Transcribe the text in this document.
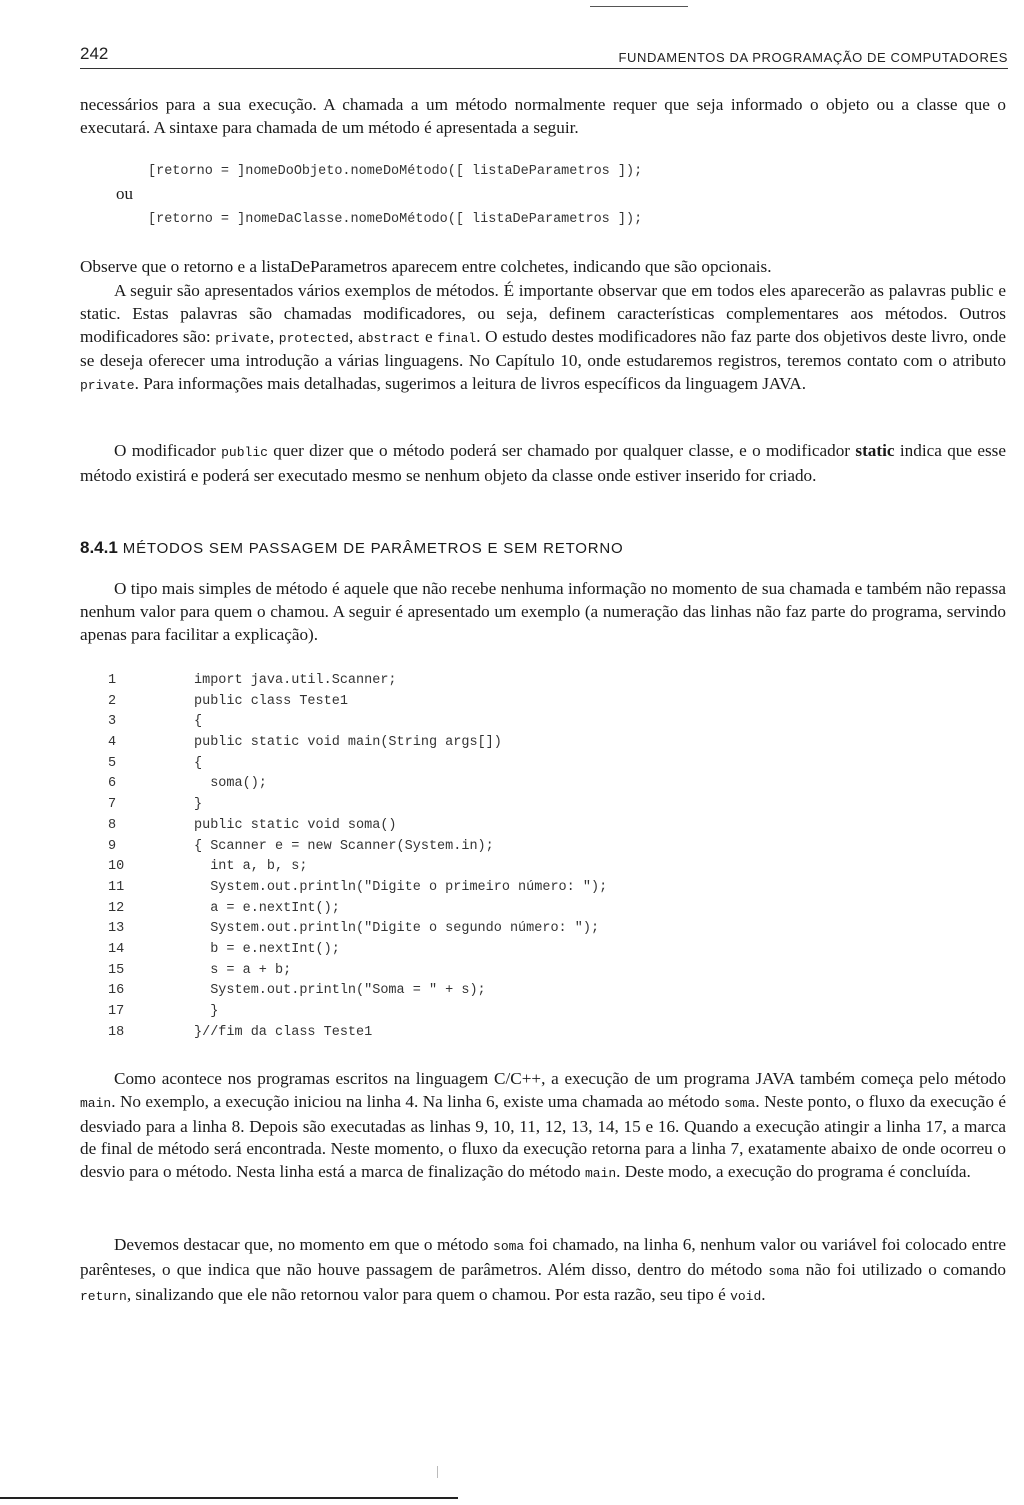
242	FUNDAMENTOS DA PROGRAMAÇÃO DE COMPUTADORES

necessários para a sua execução. A chamada a um método normalmente requer que seja informado o objeto ou a classe que o executará. A sintaxe para chamada de um método é apresentada a seguir.

[retorno = ]nomeDoObjeto.nomeDoMétodo([ listaDeParametros ]);
ou
[retorno = ]nomeDaClasse.nomeDoMétodo([ listaDeParametros ]);

Observe que o retorno e a listaDeParametros aparecem entre colchetes, indicando que são opcionais.

A seguir são apresentados vários exemplos de métodos. É importante observar que em todos eles aparecerão as palavras public e static. Estas palavras são chamadas modificadores, ou seja, definem características complementares aos métodos. Outros modificadores são: private, protected, abstract e final. O estudo destes modificadores não faz parte dos objetivos deste livro, onde se deseja oferecer uma introdução a várias linguagens. No Capítulo 10, onde estudaremos registros, teremos contato com o atributo private. Para informações mais detalhadas, sugerimos a leitura de livros específicos da linguagem JAVA.

O modificador public quer dizer que o método poderá ser chamado por qualquer classe, e o modificador static indica que esse método existirá e poderá ser executado mesmo se nenhum objeto da classe onde estiver inserido for criado.

8.4.1 MÉTODOS SEM PASSAGEM DE PARÂMETROS E SEM RETORNO

O tipo mais simples de método é aquele que não recebe nenhuma informação no momento de sua chamada e também não repassa nenhum valor para quem o chamou. A seguir é apresentado um exemplo (a numeração das linhas não faz parte do programa, servindo apenas para facilitar a explicação).

1	import java.util.Scanner;
2	public class Teste1
3	{
4	public static void main(String args[])
5	{
6	soma();
7	}
8	public static void soma()
9	{ Scanner e = new Scanner(System.in);
10	int a, b, s;
11	System.out.println("Digite o primeiro número: ");
12	a = e.nextInt();
13	System.out.println("Digite o segundo número: ");
14	b = e.nextInt();
15	s = a + b;
16	System.out.println("Soma = " + s);
17	}
18	}//fim da class Teste1

Como acontece nos programas escritos na linguagem C/C++, a execução de um programa JAVA também começa pelo método main. No exemplo, a execução iniciou na linha 4. Na linha 6, existe uma chamada ao método soma. Neste ponto, o fluxo da execução é desviado para a linha 8. Depois são executadas as linhas 9, 10, 11, 12, 13, 14, 15 e 16. Quando a execução atingir a linha 17, a marca de final de método será encontrada. Neste momento, o fluxo da execução retorna para a linha 7, exatamente abaixo de onde ocorreu o desvio para o método. Nesta linha está a marca de finalização do método main. Deste modo, a execução do programa é concluída.

Devemos destacar que, no momento em que o método soma foi chamado, na linha 6, nenhum valor ou variável foi colocado entre parênteses, o que indica que não houve passagem de parâmetros. Além disso, dentro do método soma não foi utilizado o comando return, sinalizando que ele não retornou valor para quem o chamou. Por esta razão, seu tipo é void.
